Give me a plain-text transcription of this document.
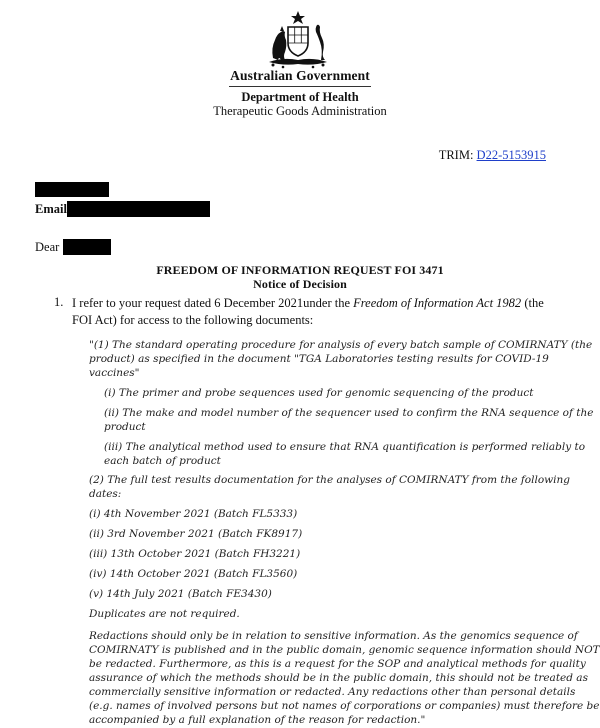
Australian Government
Department of Health
Therapeutic Goods Administration
TRIM: D22-5153915
Email
Dear
FREEDOM OF INFORMATION REQUEST FOI 3471
Notice of Decision
1. I refer to your request dated 6 December 2021under the Freedom of Information Act 1982 (the
FOI Act) for access to the following documents:
"(1) The standard operating procedure for analysis of every batch sample of COMIRNATY (the
product) as specified in the document "TGA Laboratories testing results for COVID-19
vaccines"
(i) The primer and probe sequences used for genomic sequencing of the product
(ii) The make and model number of the sequencer used to confirm the RNA sequence of the
product
(iii) The analytical method used to ensure that RNA quantification is performed reliably to
each batch of product
(2) The full test results documentation for the analyses of COMIRNATY from the following
dates:
(i) 4th November 2021 (Batch FL5333)
(ii) 3rd November 2021 (Batch FK8917)
(iii) 13th October 2021 (Batch FH3221)
(iv) 14th October 2021 (Batch FL3560)
(v) 14th July 2021 (Batch FE3430)
Duplicates are not required.
Redactions should only be in relation to sensitive information. As the genomics sequence of
COMIRNATY is published and in the public domain, genomic sequence information should NOT
be redacted. Furthermore, as this is a request for the SOP and analytical methods for quality
assurance of which the methods should be in the public domain, this should not be treated as
commercially sensitive information or redacted. Any redactions other than personal details
(e.g. names of involved persons but not names of corporations or companies) must therefore be
accompanied by a full explanation of the reason for redaction."
